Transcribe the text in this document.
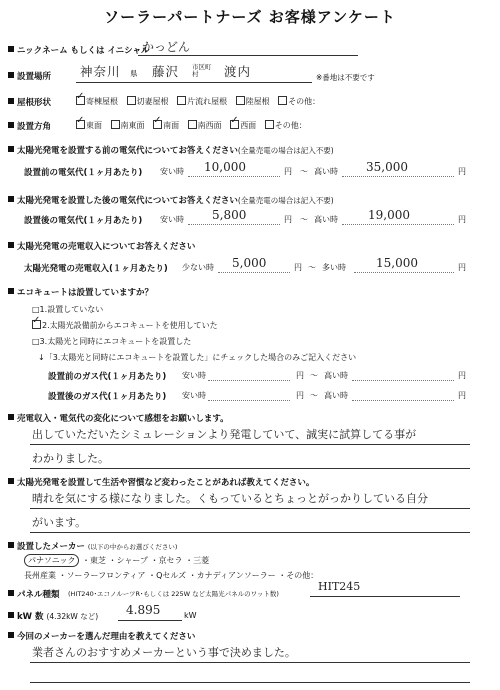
ソーラーパートナーズ お客様アンケート
ニックネーム もしくは イニシャル
かっどん
設置場所 神奈川 県 藤沢 市区町村	渡内	※番地は不要です
屋根形状
✓ 寄棟屋根 切妻屋根 片流れ屋根 陸屋根 その他：
設置方角
✓ 東面 南東面 ✓ 南面 南西面 ✓ 西面 その他：
太陽光発電を設置する前の電気代についてお答えください(全量売電の場合は記入不要)
設置前の電気代(１ヶ月あたり) 安い時 10,000	円 〜 高い時 35,000	円
太陽光発電を設置した後の電気代についてお答えください(全量売電の場合は記入不要)
設置後の電気代(１ヶ月あたり) 安い時 5,800	円 〜 高い時	19,000	円
太陽光発電の売電収入についてお答えください
太陽光発電の売電収入(１ヶ月あたり) 少ない時 5,000	円 〜 多い時	15,000	円
エコキュートは設置していますか？
□1.設置していない
✓ 2.太陽光設備前からエコキュートを使用していた
□3.太陽光と同時にエコキュートを設置した
↓「3.太陽光と同時にエコキュートを設置した」にチェックした場合のみご記入ください
設置前のガス代(１ヶ月あたり) 安い時	円 〜 高い時	円
設置後のガス代(１ヶ月あたり) 安い時	円 〜 高い時	円
売電収入・電気代の変化について感想をお願いします。
出していただいたシミュレーションより発電していて、誠実に試算してる事が
わかりました。
太陽光発電を設置して生活や習慣など変わったことがあれば教えてください。
晴れを気にする様になりました。くもっているとちょっとがっかりしている自分
がいます。
設置したメーカー (以下の中からお選びください)
パナソニック ・東芝 ・シャープ ・京セラ ・三菱
長州産業 ・ソーラーフロンティア ・Qセルズ ・カナディアンソーラー ・その他：
パネル種類 (HIT240･エコノルーツR･もしくは 225W など太陽光パネルのワット数)
HIT245
kW 数 (4.32kW など) 4.895	kW
今回のメーカーを選んだ理由を教えてください
業者さんのおすすめメーカーという事で決めました。
